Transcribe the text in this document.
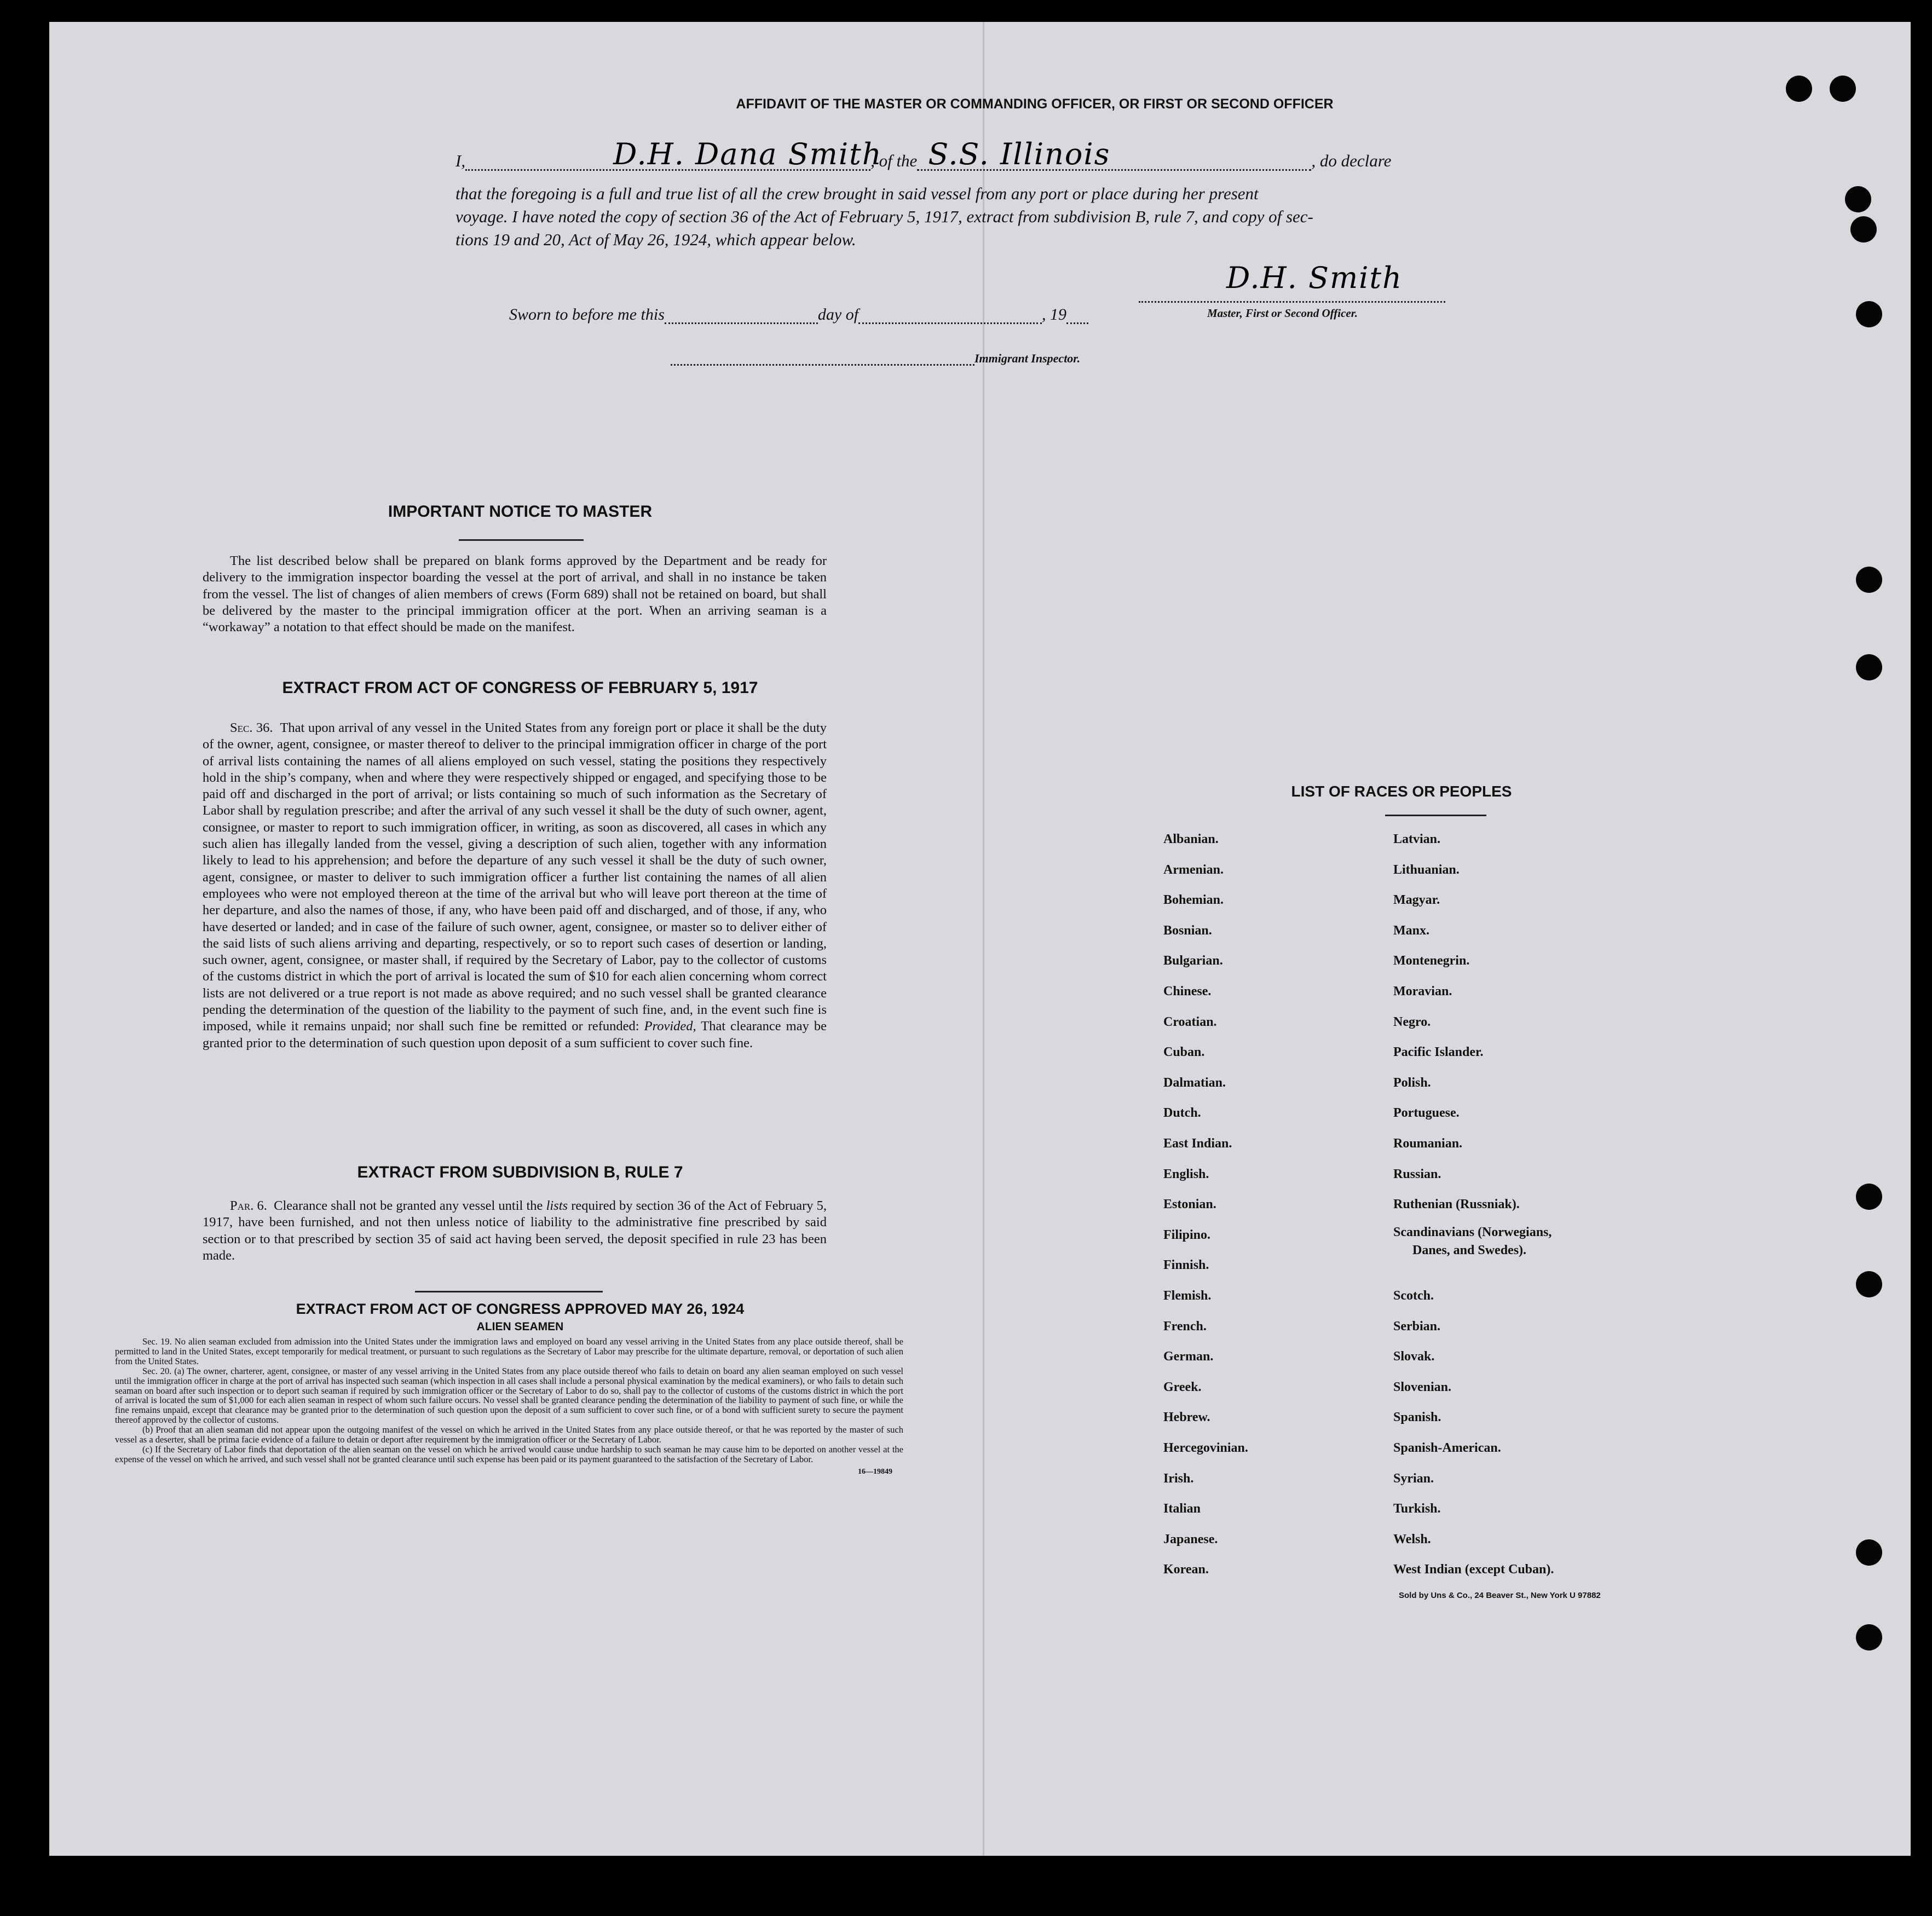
AFFIDAVIT OF THE MASTER OR COMMANDING OFFICER, OR FIRST OR SECOND OFFICER
I,	D.H. Dana Smith
, of the S.S. Illinois	, do declare
that the foregoing is a full and true list of all the crew brought in said vessel from any port or place during her present
voyage. I have noted the copy of section 36 of the Act of February 5, 1917, extract from subdivision B, rule 7, and copy of sec-
tions 19 and 20, Act of May 26, 1924, which appear below.
D.H. Smith
Master, First or Second Officer.
Sworn to before me this	day of	, 19
Immigrant Inspector.
IMPORTANT NOTICE TO MASTER

The list described below shall be prepared on blank forms approved by the Department and be ready for delivery to the immigration inspector boarding the vessel at the port of arrival, and shall in no instance be taken from the vessel. The list of changes of alien members of crews (Form 689) shall not be retained on board, but shall be delivered by the master to the principal immigration officer at the port. When an arriving seaman is a “workaway” a notation to that effect should be made on the manifest.

EXTRACT FROM ACT OF CONGRESS OF FEBRUARY 5, 1917

Sec. 36. That upon arrival of any vessel in the United States from any foreign port or place it shall be the duty of the owner, agent, consignee, or master thereof to deliver to the principal immigration officer in charge of the port of arrival lists containing the names of all aliens employed on such vessel, stating the positions they respectively hold in the ship’s company, when and where they were respectively shipped or engaged, and specifying those to be paid off and discharged in the port of arrival; or lists containing so much of such information as the Secretary of Labor shall by regulation prescribe; and after the arrival of any such vessel it shall be the duty of such owner, agent, consignee, or master to report to such immigration officer, in writing, as soon as discovered, all cases in which any such alien has illegally landed from the vessel, giving a description of such alien, together with any information likely to lead to his apprehension; and before the departure of any such vessel it shall be the duty of such owner, agent, consignee, or master to deliver to such immigration officer a further list containing the names of all alien employees who were not employed thereon at the time of the arrival but who will leave port thereon at the time of her departure, and also the names of those, if any, who have been paid off and discharged, and of those, if any, who have deserted or landed; and in case of the failure of such owner, agent, consignee, or master so to deliver either of the said lists of such aliens arriving and departing, respectively, or so to report such cases of desertion or landing, such owner, agent, consignee, or master shall, if required by the Secretary of Labor, pay to the collector of customs of the customs district in which the port of arrival is located the sum of $10 for each alien concerning whom correct lists are not delivered or a true report is not made as above required; and no such vessel shall be granted clearance pending the determination of the question of the liability to the payment of such fine, and, in the event such fine is imposed, while it remains unpaid; nor shall such fine be remitted or refunded: Provided, That clearance may be granted prior to the determination of such question upon deposit of a sum sufficient to cover such fine.

EXTRACT FROM SUBDIVISION B, RULE 7

Par. 6. Clearance shall not be granted any vessel until the lists required by section 36 of the Act of February 5, 1917, have been furnished, and not then unless notice of liability to the administrative fine prescribed by said section or to that prescribed by section 35 of said act having been served, the deposit specified in rule 23 has been made.

EXTRACT FROM ACT OF CONGRESS APPROVED MAY 26, 1924
ALIEN SEAMEN

Sec. 19. No alien seaman excluded from admission into the United States under the immigration laws and employed on board any vessel arriving in the United States from any place outside thereof, shall be permitted to land in the United States, except temporarily for medical treatment, or pursuant to such regulations as the Secretary of Labor may prescribe for the ultimate departure, removal, or deportation of such alien from the United States.

Sec. 20. (a) The owner, charterer, agent, consignee, or master of any vessel arriving in the United States from any place outside thereof who fails to detain on board any alien seaman employed on such vessel until the immigration officer in charge at the port of arrival has inspected such seaman (which inspection in all cases shall include a personal physical examination by the medical examiners), or who fails to detain such seaman on board after such inspection or to deport such seaman if required by such immigration officer or the Secretary of Labor to do so, shall pay to the collector of customs of the customs district in which the port of arrival is located the sum of $1,000 for each alien seaman in respect of whom such failure occurs. No vessel shall be granted clearance pending the determination of the liability to payment of such fine, or while the fine remains unpaid, except that clearance may be granted prior to the determination of such question upon the deposit of a sum sufficient to cover such fine, or of a bond with sufficient surety to secure the payment thereof approved by the collector of customs.

(b) Proof that an alien seaman did not appear upon the outgoing manifest of the vessel on which he arrived in the United States from any place outside thereof, or that he was reported by the master of such vessel as a deserter, shall be prima facie evidence of a failure to detain or deport after requirement by the immigration officer or the Secretary of Labor.

(c) If the Secretary of Labor finds that deportation of the alien seaman on the vessel on which he arrived would cause undue hardship to such seaman he may cause him to be deported on another vessel at the expense of the vessel on which he arrived, and such vessel shall not be granted clearance until such expense has been paid or its payment guaranteed to the satisfaction of the Secretary of Labor.

16—19849
LIST OF RACES OR PEOPLES
Albanian.
Armenian.
Bohemian.
Bosnian.
Bulgarian.
Chinese.
Croatian.
Cuban.
Dalmatian.
Dutch.
East Indian.
English.
Estonian.
Filipino.
Finnish.
Flemish.
French.
German.
Greek.
Hebrew.
Hercegovinian.
Irish.
Italian
Japanese.
Korean.
Latvian.
Lithuanian.
Magyar.
Manx.
Montenegrin.
Moravian.
Negro.
Pacific Islander.
Polish.
Portuguese.
Roumanian.
Russian.
Ruthenian (Russniak).
Scandinavians (Norwegians,
Danes, and Swedes).
Scotch.
Serbian.
Slovak.
Slovenian.
Spanish.
Spanish-American.
Syrian.
Turkish.
Welsh.
West Indian (except Cuban).
Sold by Uns & Co., 24 Beaver St., New York U 97882
